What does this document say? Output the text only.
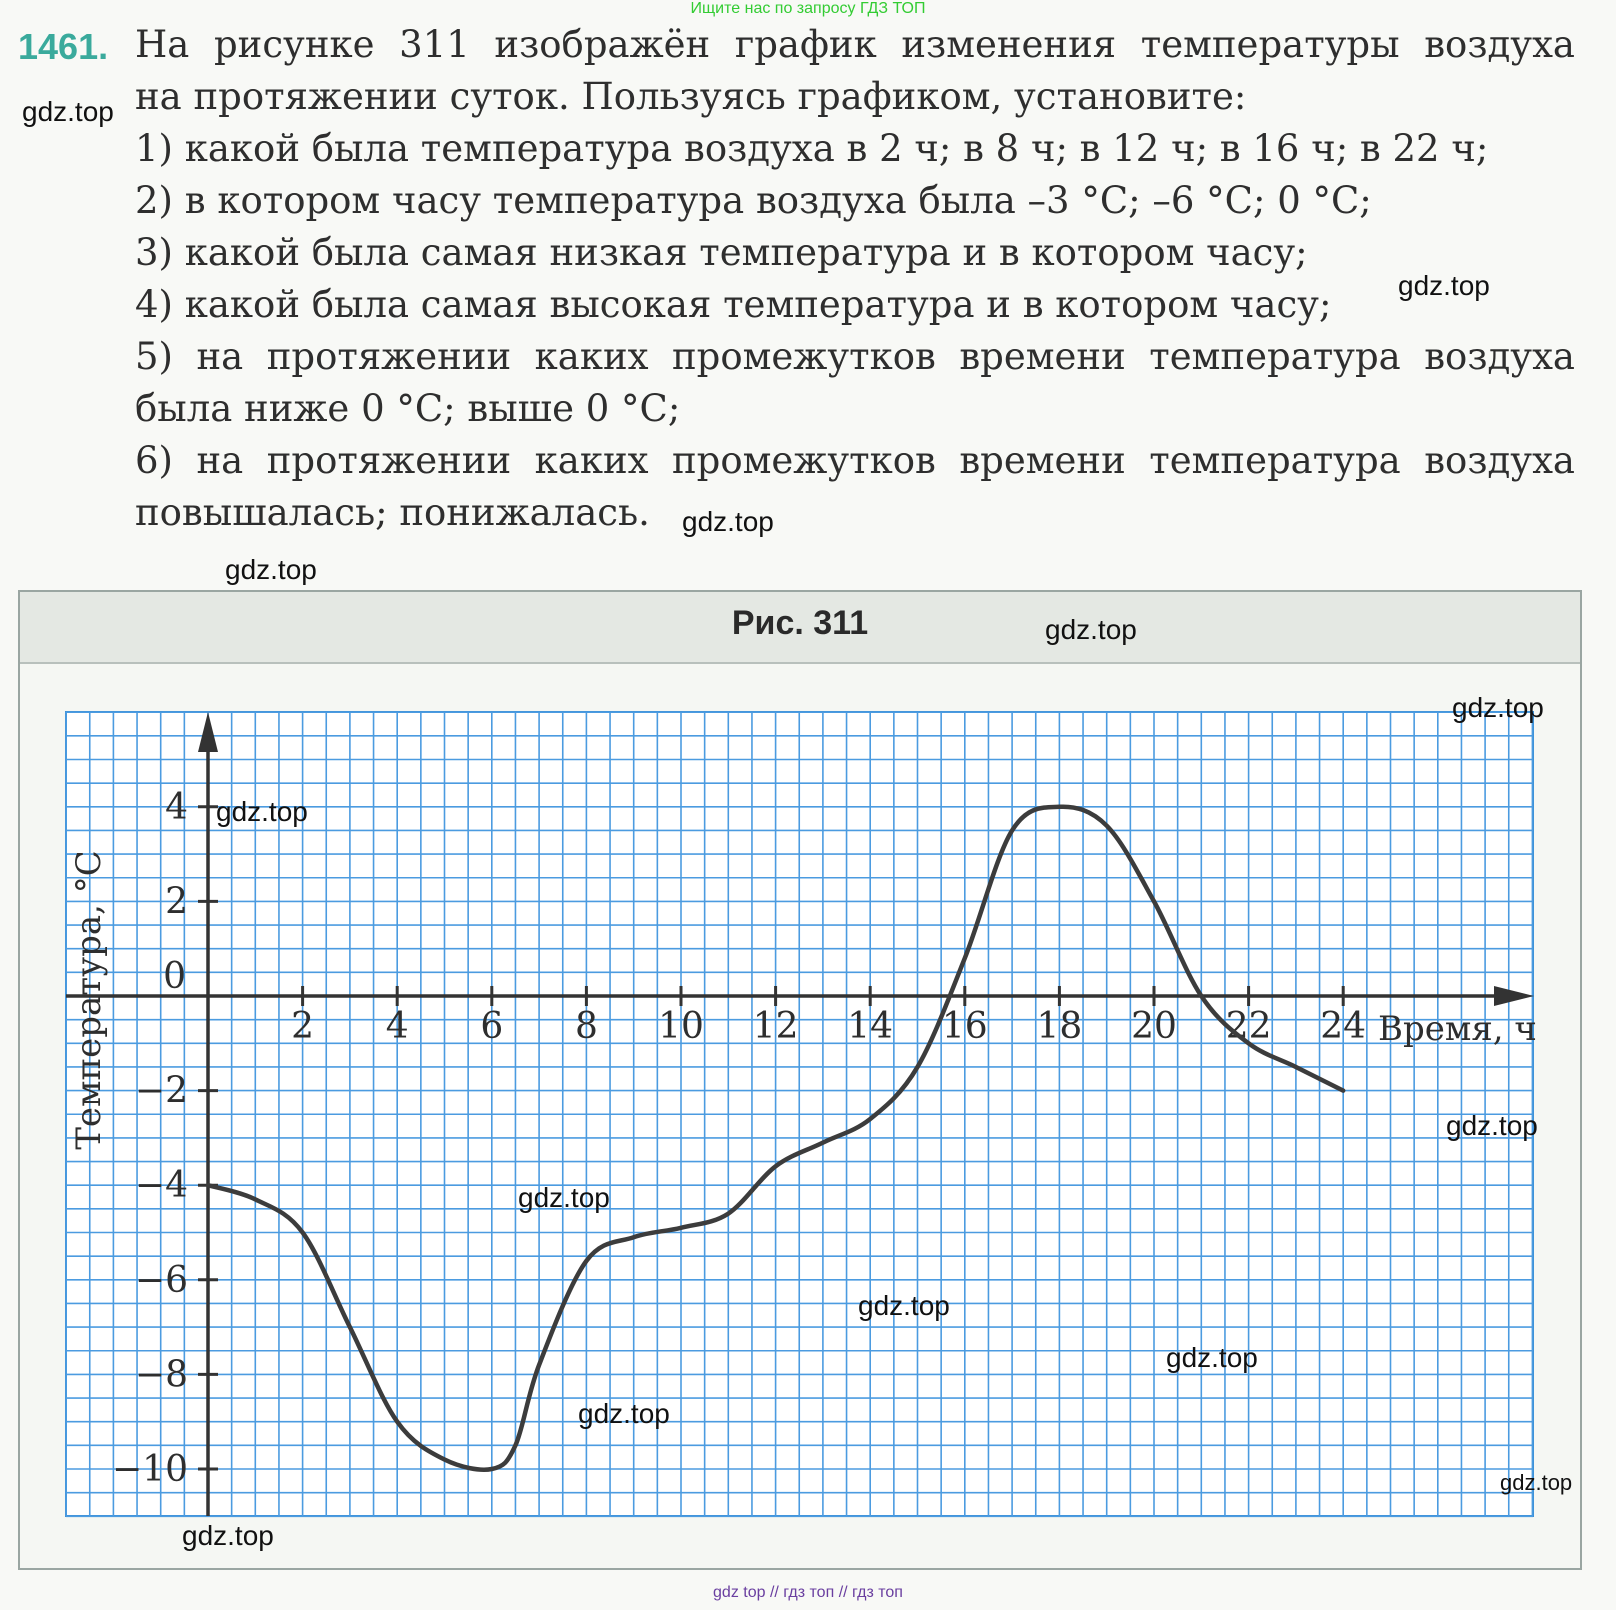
Ищите нас по запросу ГДЗ ТОП
1461. На рисунке 311 изображён график изменения температуры воздуха
на протяжении суток. Пользуясь графиком, установите:
1) какой была температура воздуха в 2 ч; в 8 ч; в 12 ч; в 16 ч; в 22 ч;
2) в котором часу температура воздуха была –3 °С; –6 °С; 0 °С;
3) какой была самая низкая температура и в котором часу;
4) какой была самая высокая температура и в котором часу;
5) на протяжении каких промежутков времени температура воздуха
была ниже 0 °С; выше 0 °С;
6) на протяжении каких промежутков времени температура воздуха
повышалась; понижалась.
Рис. 311
2 4 6 8 10 12 14 16 18 20 22 24
4
2
−2
−4
−6
−8
−10
0
Время, ч
Температура, °С
gdz.top
gdz.top
gdz.top
gdz.top
gdz.top
gdz.top
gdz.top
gdz.top
gdz.top
gdz.top
gdz.top
gdz.top
gdz.top
gdz.top
gdz top // гдз топ // гдз топ
